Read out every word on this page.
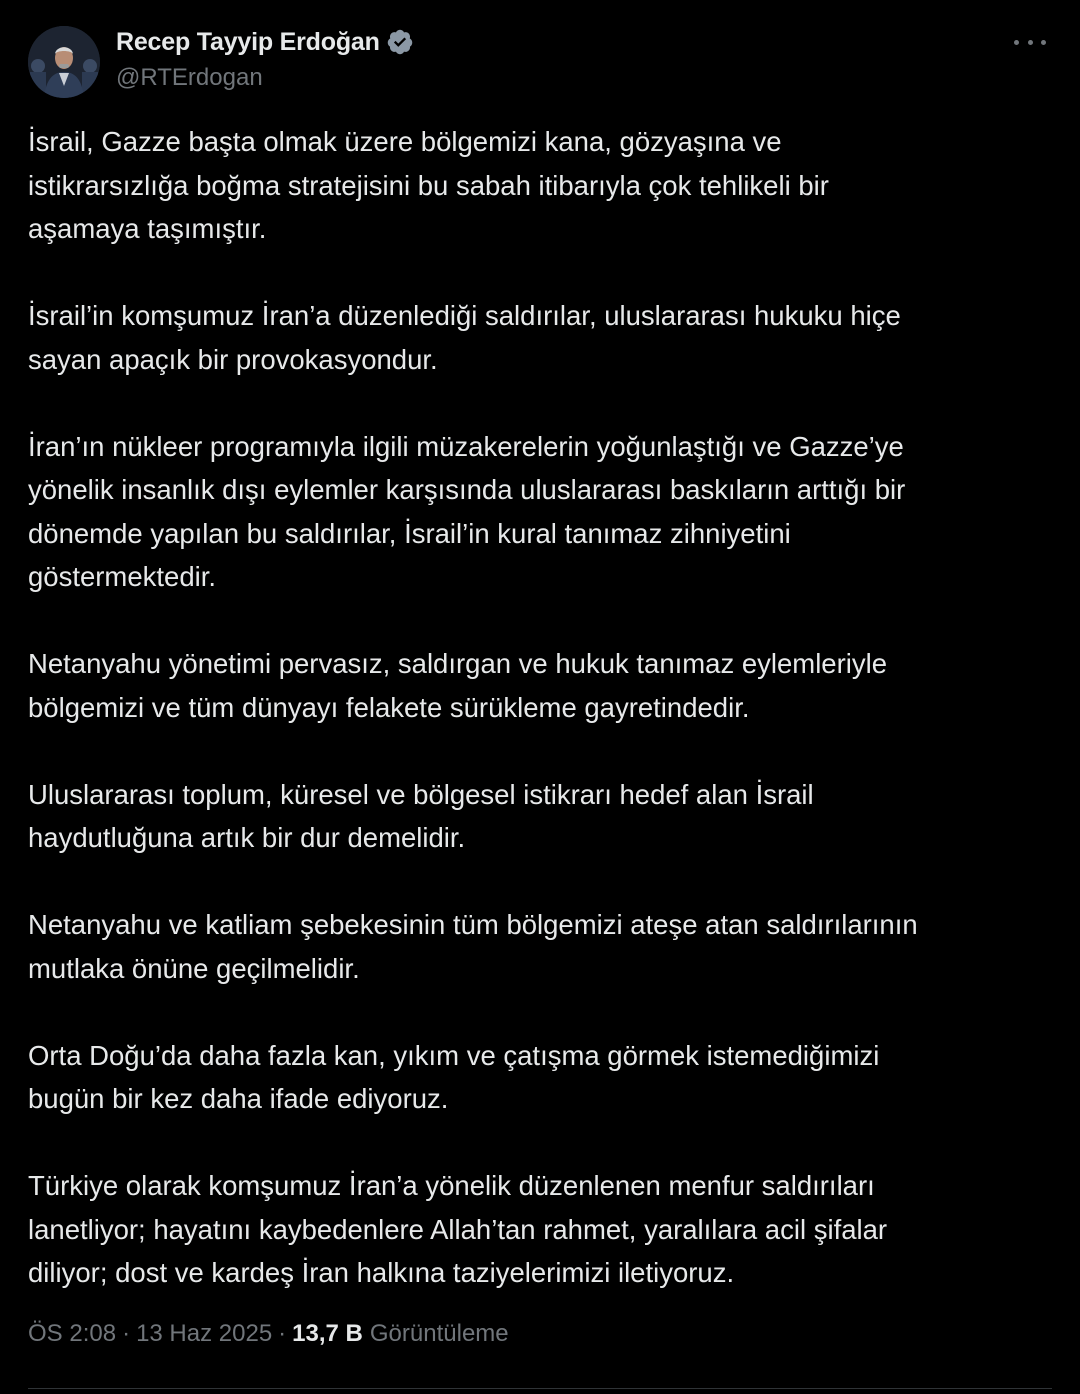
Recep Tayyip Erdoğan
@RTErdogan

İsrail, Gazze başta olmak üzere bölgemizi kana, gözyaşına ve
istikrarsızlığa boğma stratejisini bu sabah itibarıyla çok tehlikeli bir
aşamaya taşımıştır.

İsrail’in komşumuz İran’a düzenlediği saldırılar, uluslararası hukuku hiçe
sayan apaçık bir provokasyondur.

İran’ın nükleer programıyla ilgili müzakerelerin yoğunlaştığı ve Gazze’ye
yönelik insanlık dışı eylemler karşısında uluslararası baskıların arttığı bir
dönemde yapılan bu saldırılar, İsrail’in kural tanımaz zihniyetini
göstermektedir.

Netanyahu yönetimi pervasız, saldırgan ve hukuk tanımaz eylemleriyle
bölgemizi ve tüm dünyayı felakete sürükleme gayretindedir.

Uluslararası toplum, küresel ve bölgesel istikrarı hedef alan İsrail
haydutluğuna artık bir dur demelidir.

Netanyahu ve katliam şebekesinin tüm bölgemizi ateşe atan saldırılarının
mutlaka önüne geçilmelidir.

Orta Doğu’da daha fazla kan, yıkım ve çatışma görmek istemediğimizi
bugün bir kez daha ifade ediyoruz.

Türkiye olarak komşumuz İran’a yönelik düzenlenen menfur saldırıları
lanetliyor; hayatını kaybedenlere Allah’tan rahmet, yaralılara acil şifalar
diliyor; dost ve kardeş İran halkına taziyelerimizi iletiyoruz.

ÖS 2:08 · 13 Haz 2025 · 13,7 B Görüntüleme
